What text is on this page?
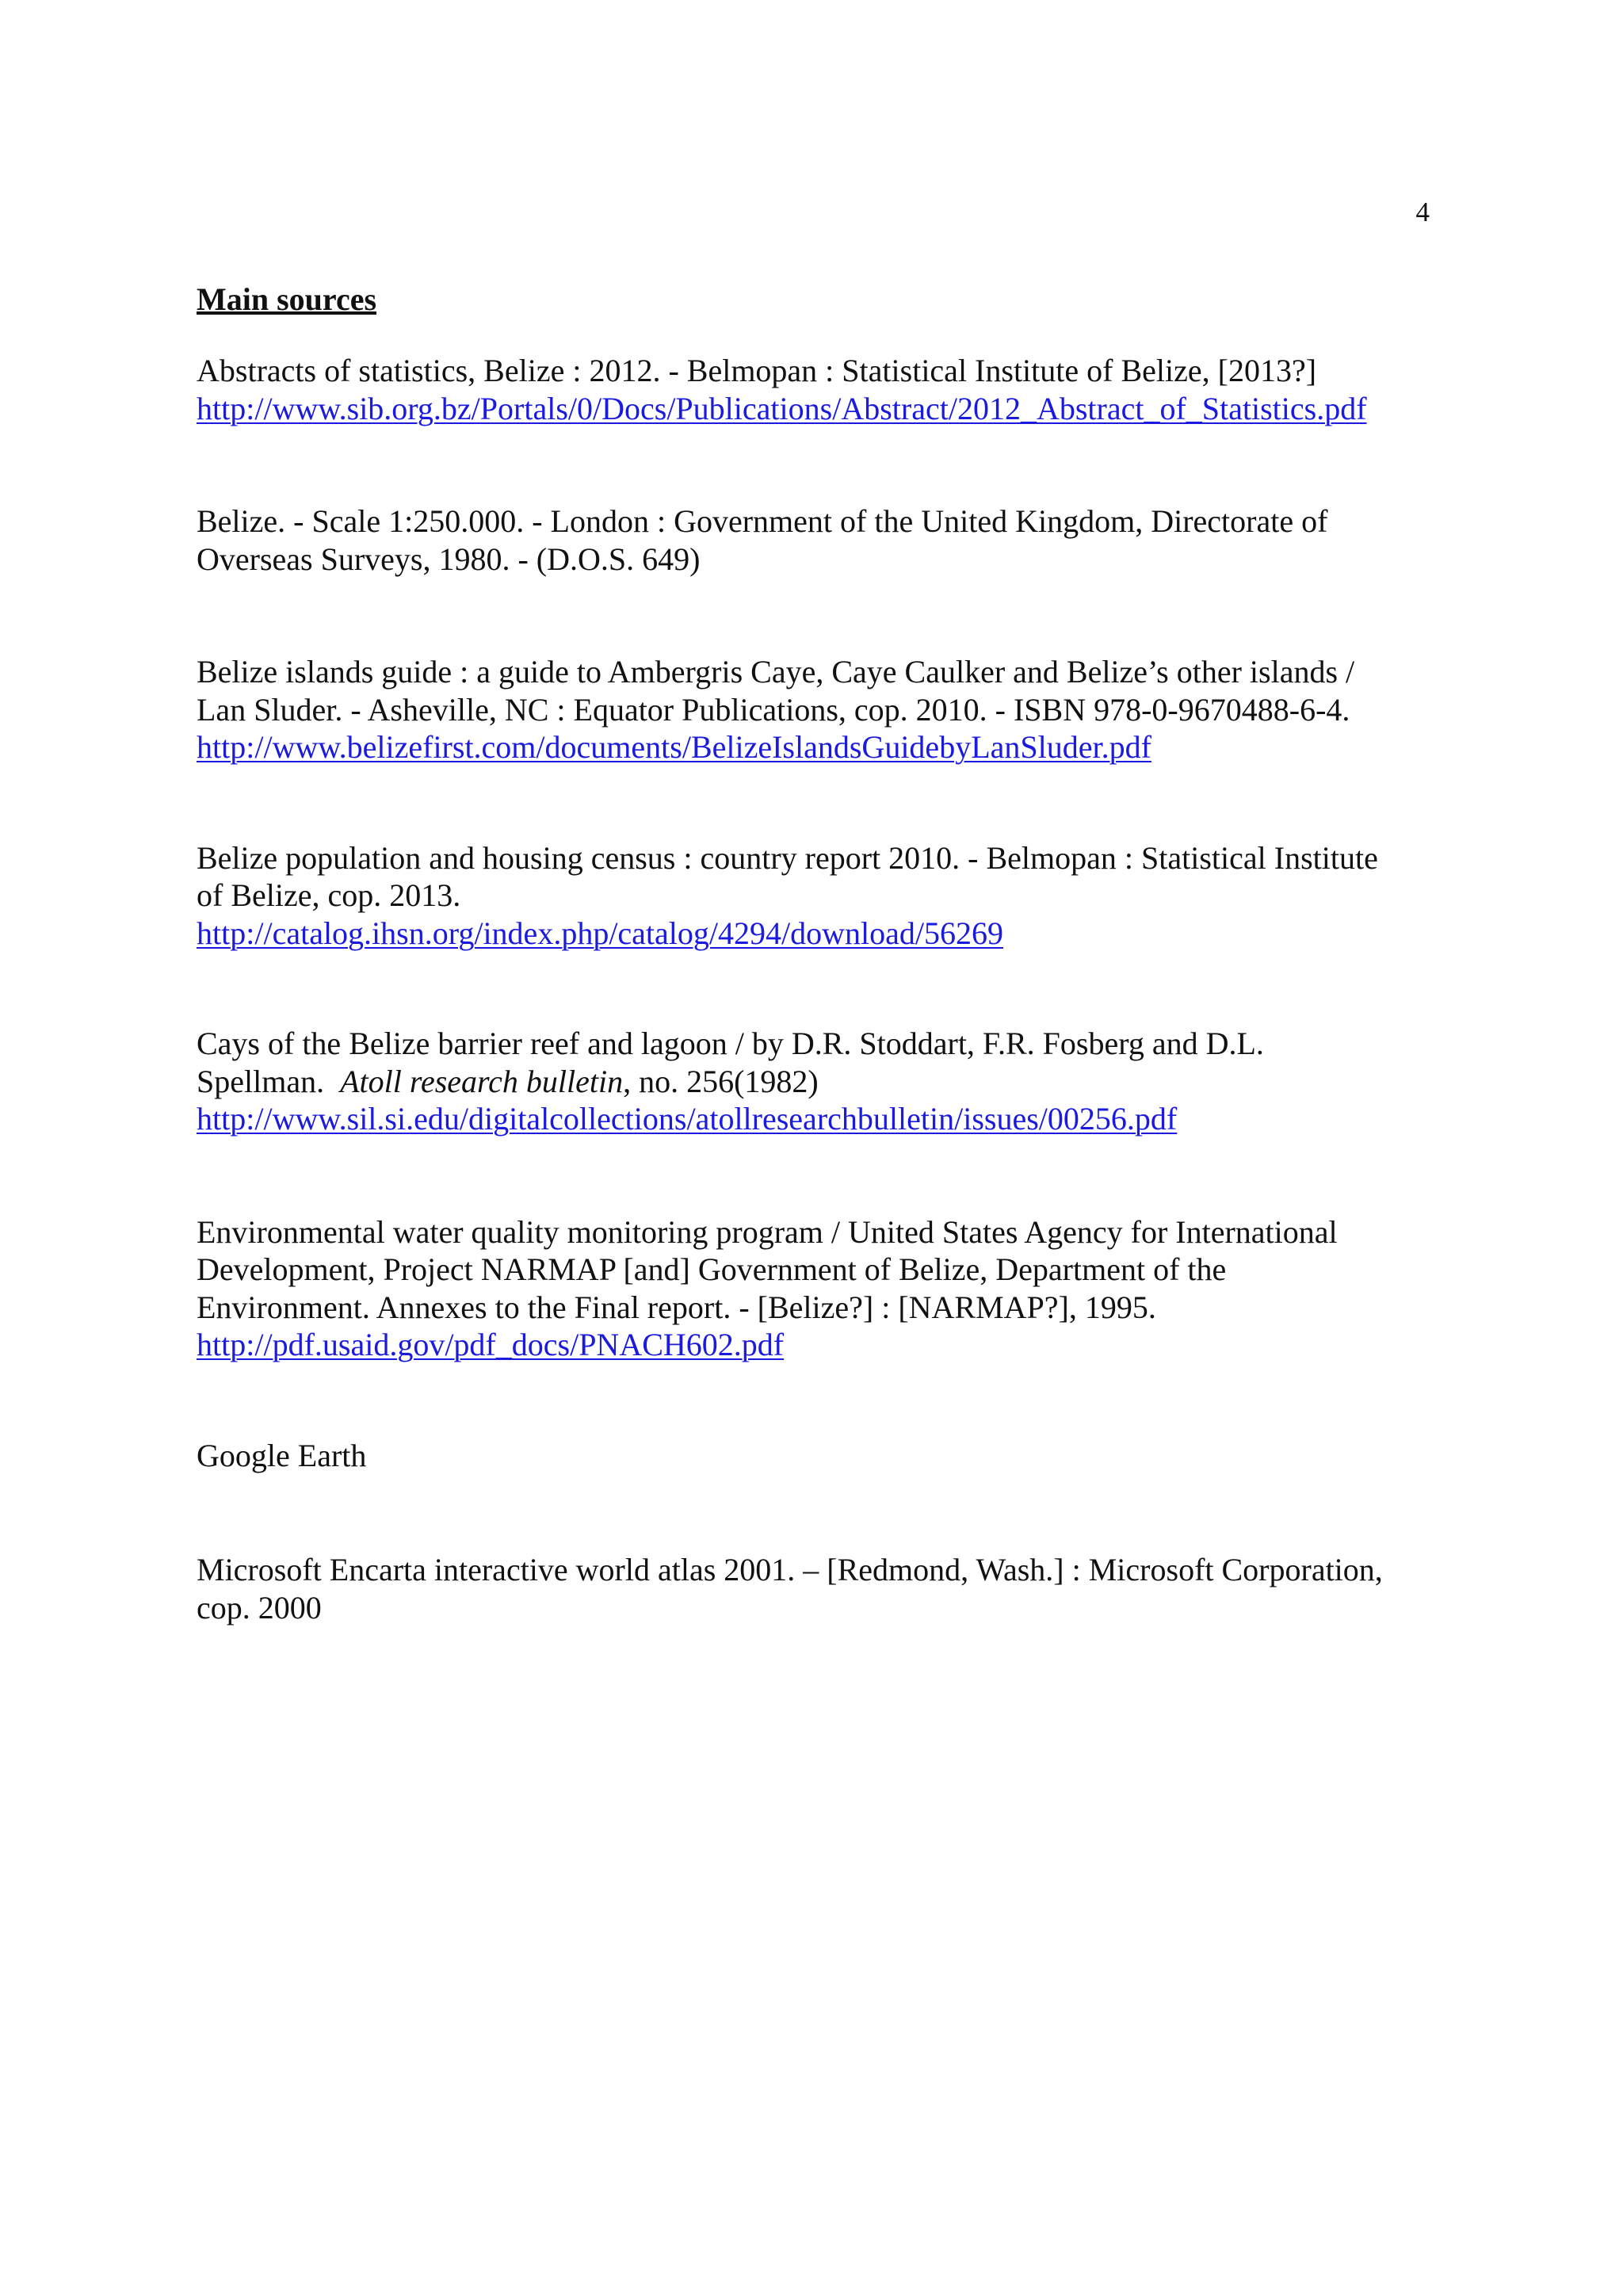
4
Main sources
Abstracts of statistics, Belize : 2012. - Belmopan : Statistical Institute of Belize, [2013?]
http://www.sib.org.bz/Portals/0/Docs/Publications/Abstract/2012_Abstract_of_Statistics.pdf
Belize. - Scale 1:250.000. - London : Government of the United Kingdom, Directorate of
Overseas Surveys, 1980. - (D.O.S. 649)
Belize islands guide : a guide to Ambergris Caye, Caye Caulker and Belize’s other islands /
Lan Sluder. - Asheville, NC : Equator Publications, cop. 2010. - ISBN 978-0-9670488-6-4.
http://www.belizefirst.com/documents/BelizeIslandsGuidebyLanSluder.pdf
Belize population and housing census : country report 2010. - Belmopan : Statistical Institute
of Belize, cop. 2013.
http://catalog.ihsn.org/index.php/catalog/4294/download/56269
Cays of the Belize barrier reef and lagoon / by D.R. Stoddart, F.R. Fosberg and D.L.
Spellman.  Atoll research bulletin, no. 256(1982)
http://www.sil.si.edu/digitalcollections/atollresearchbulletin/issues/00256.pdf
Environmental water quality monitoring program / United States Agency for International
Development, Project NARMAP [and] Government of Belize, Department of the
Environment. Annexes to the Final report. - [Belize?] : [NARMAP?], 1995.
http://pdf.usaid.gov/pdf_docs/PNACH602.pdf
Google Earth
Microsoft Encarta interactive world atlas 2001. – [Redmond, Wash.] : Microsoft Corporation,
cop. 2000
